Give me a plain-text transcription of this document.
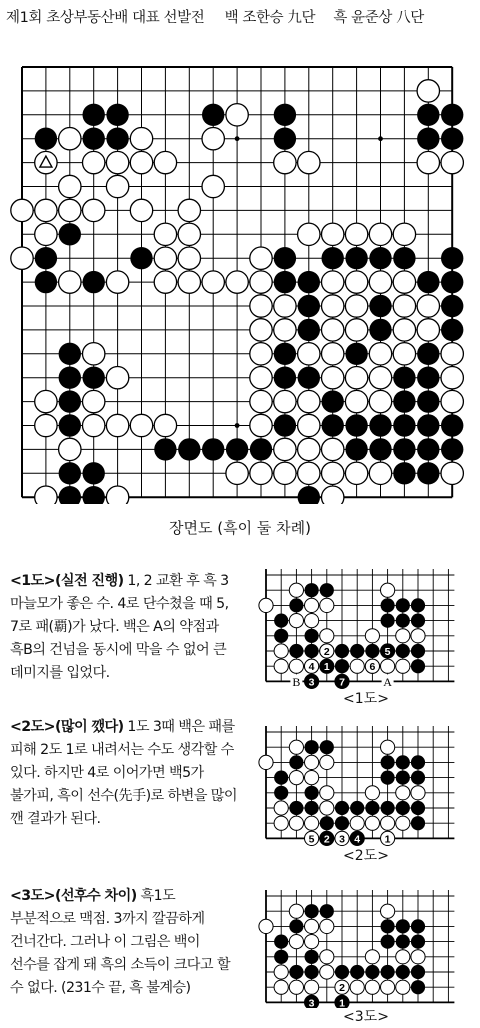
제1회 초상부동산배 대표 선발전 백 조한승 九단 흑 윤준상 八단
장면도 (흑이 둘 차례)
<1도>(실전 진행) 1, 2 교환 후 흑 3 마늘모가 좋은 수. 4로 단수쳤을 때 5, 7로 패(覇)가 났다. 백은 A의 약점과 흑B의 건넘을 동시에 막을 수 없어 큰 데미지를 입었다.	1
2
3
4
5
6
7
B	A
<1도>
<2도>(많이 깼다) 1도 3때 백은 패를 피해 2도 1로 내려서는 수도 생각할 수 있다. 하지만 4로 이어가면 백5가 불가피, 흑이 선수(先手)로 하변을 많이 깬 결과가 된다.
1
2 3 4
5
<2도>
<3도>(선후수 차이) 흑1도 부분적으로 맥점. 3까지 깔끔하게 건너간다. 그러나 이 그림은 백이 선수를 잡게 돼 흑의 소득이 크다고 할 수 없다. (231수 끝, 흑 불계승)
1
2
3
<3도>
